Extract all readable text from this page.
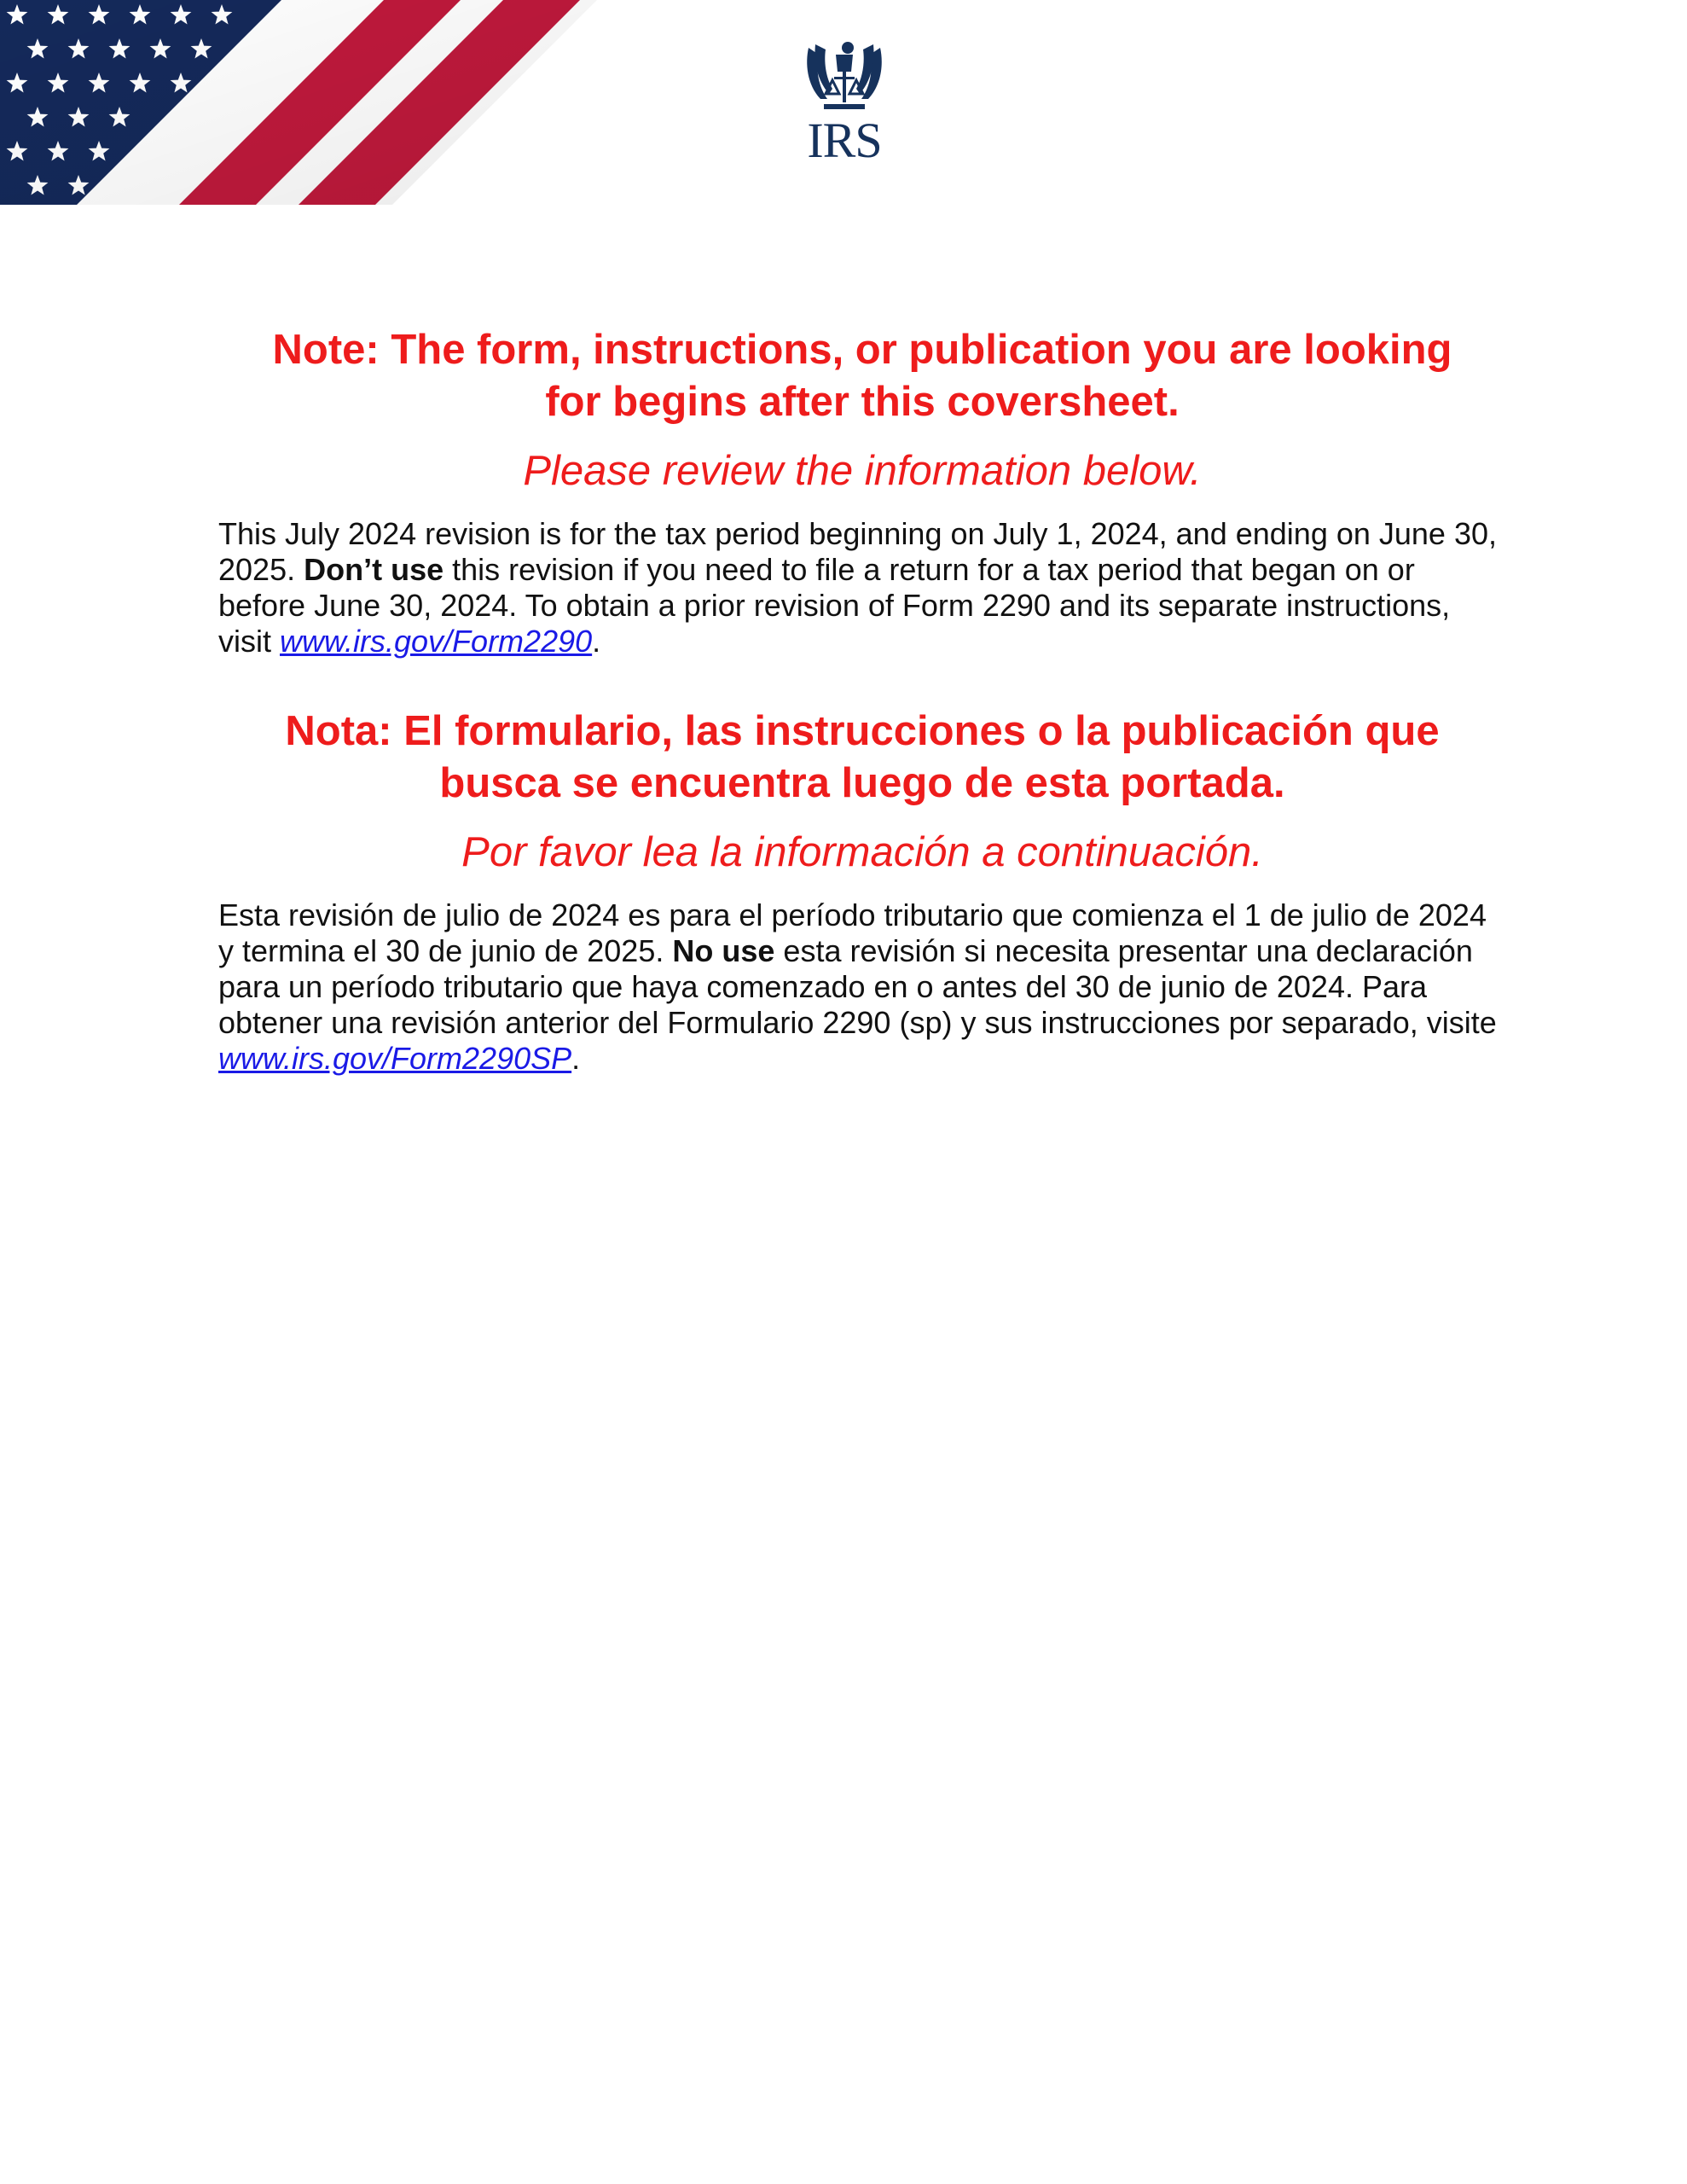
IRS
Note: The form, instructions, or publication you are looking
for begins after this coversheet.

Please review the information below.

This July 2024 revision is for the tax period beginning on July 1, 2024, and ending on June 30, 2025. Don’t use this revision if you need to file a return for a tax period that began on or before June 30, 2024. To obtain a prior revision of Form 2290 and its separate instructions, visit www.irs.gov/Form2290.

Nota: El formulario, las instrucciones o la publicación que
busca se encuentra luego de esta portada.

Por favor lea la información a continuación.

Esta revisión de julio de 2024 es para el período tributario que comienza el 1 de julio de 2024 y termina el 30 de junio de 2025. No use esta revisión si necesita presentar una declaración para un período tributario que haya comenzado en o antes del 30 de junio de 2024. Para obtener una revisión anterior del Formulario 2290 (sp) y sus instrucciones por separado, visite www.irs.gov/Form2290SP.
